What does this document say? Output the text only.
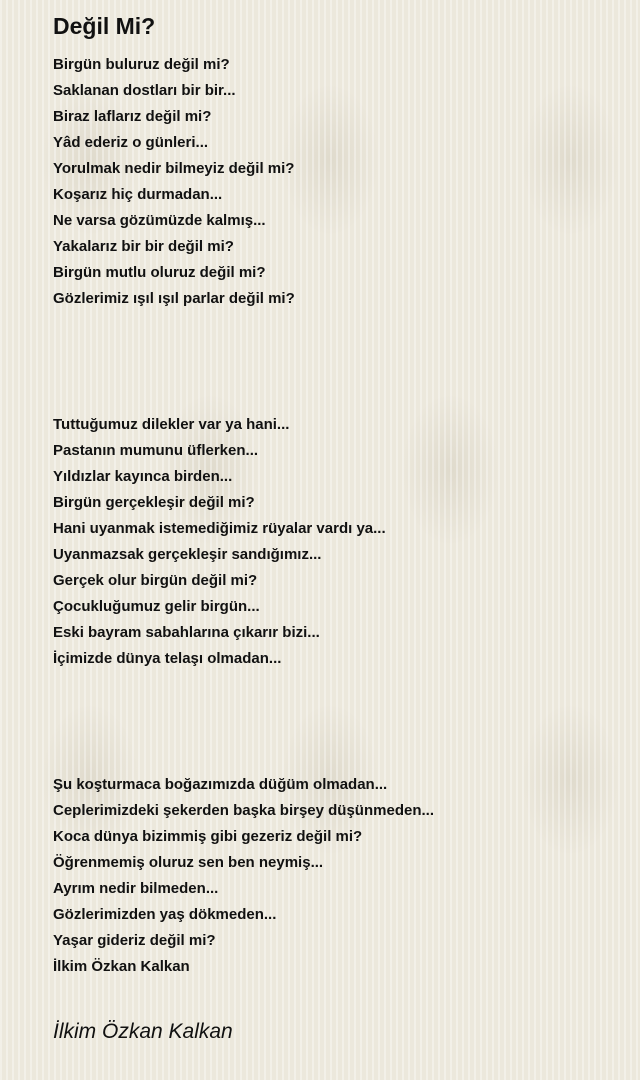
Değil Mi?
Birgün buluruz değil mi?
Saklanan dostları bir bir...
Biraz laflarız değil mi?
Yâd ederiz o günleri...
Yorulmak nedir bilmeyiz değil mi?
Koşarız hiç durmadan...
Ne varsa gözümüzde kalmış...
Yakalarız bir bir değil mi?
Birgün mutlu oluruz değil mi?
Gözlerimiz ışıl ışıl parlar değil mi?
Tuttuğumuz dilekler var ya hani...
Pastanın mumunu üflerken...
Yıldızlar kayınca birden...
Birgün gerçekleşir değil mi?
Hani uyanmak istemediğimiz rüyalar vardı ya...
Uyanmazsak gerçekleşir sandığımız...
Gerçek olur birgün değil mi?
Çocukluğumuz gelir birgün...
Eski bayram sabahlarına çıkarır bizi...
İçimizde dünya telaşı olmadan...
Şu koşturmaca boğazımızda düğüm olmadan...
Ceplerimizdeki şekerden başka birşey düşünmeden...
Koca dünya bizimmiş gibi gezeriz değil mi?
Öğrenmemiş oluruz sen ben neymiş...
Ayrım nedir bilmeden...
Gözlerimizden yaş dökmeden...
Yaşar gideriz değil mi?
İlkim Özkan Kalkan
İlkim Özkan Kalkan
